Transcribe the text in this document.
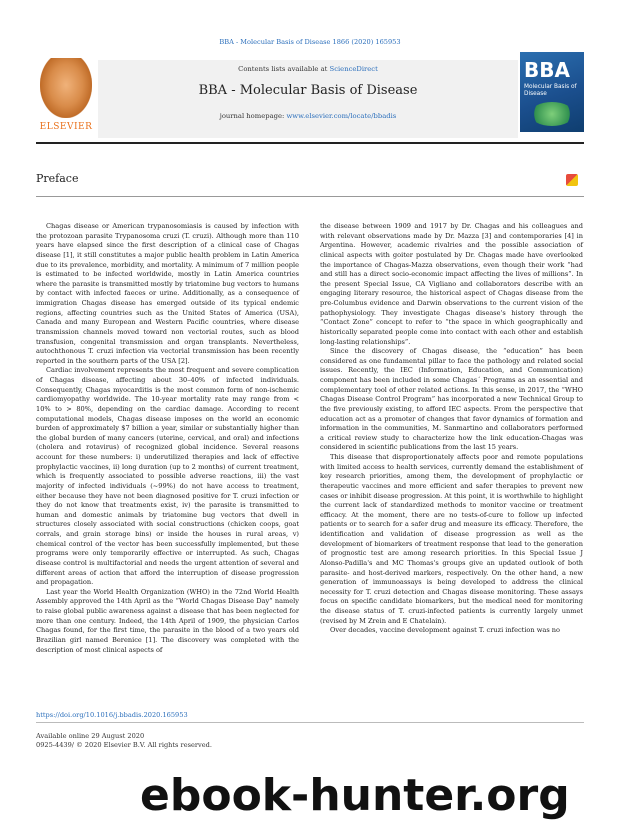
BBA - Molecular Basis of Disease 1866 (2020) 165953
ELSEVIER
Contents lists available at ScienceDirect
BBA - Molecular Basis of Disease
journal homepage: www.elsevier.com/locate/bbadis
BBA
Molecular Basis of Disease
Preface

Chagas disease or American trypanosomiasis is caused by infection with the protozoan parasite Trypanosoma cruzi (T. cruzi). Although more than 110 years have elapsed since the first description of a clinical case of Chagas disease [1], it still constitutes a major public health problem in Latin America due to its prevalence, morbidity, and mortality. A minimum of 7 million people is estimated to be infected worldwide, mostly in Latin America countries where the parasite is transmitted mostly by triatomine bug vectors to humans by contact with infected faeces or urine. Additionally, as a consequence of immigration Chagas disease has emerged outside of its typical endemic regions, affecting countries such as the United States of America (USA), Canada and many European and Western Pacific countries, where disease transmission channels moved toward non vectorial routes, such as blood transfusion, congenital transmission and organ transplants. Nevertheless, autochthonous T. cruzi infection via vectorial transmission has been recently reported in the southern parts of the USA [2].

Cardiac involvement represents the most frequent and severe complication of Chagas disease, affecting about 30–40% of infected individuals. Consequently, Chagas myocarditis is the most common form of non-ischemic cardiomyopathy worldwide. The 10-year mortality rate may range from < 10% to > 80%, depending on the cardiac damage. According to recent computational models, Chagas disease imposes on the world an economic burden of approximately $7 billion a year, similar or substantially higher than the global burden of many cancers (uterine, cervical, and oral) and infections (cholera and rotavirus) of recognized global incidence. Several reasons account for these numbers: i) underutilized therapies and lack of effective prophylactic vaccines, ii) long duration (up to 2 months) of current treatment, which is frequently associated to possible adverse reactions, iii) the vast majority of infected individuals (~99%) do not have access to treatment, either because they have not been diagnosed positive for T. cruzi infection or they do not know that treatments exist, iv) the parasite is transmitted to human and domestic animals by triatomine bug vectors that dwell in structures closely associated with social constructions (chicken coops, goat corrals, and grain storage bins) or inside the houses in rural areas, v) chemical control of the vector has been successfully implemented, but these programs were only temporarily effective or interrupted. As such, Chagas disease control is multifactorial and needs the urgent attention of several and different areas of action that afford the interruption of disease progression and propagation.

Last year the World Health Organization (WHO) in the 72nd World Health Assembly approved the 14th April as the “World Chagas Disease Day” namely to raise global public awareness against a disease that has been neglected for more than one century. Indeed, the 14th April of 1909, the physician Carlos Chagas found, for the first time, the parasite in the blood of a two years old Brazilian girl named Berenice [1]. The discovery was completed with the description of most clinical aspects of

the disease between 1909 and 1917 by Dr. Chagas and his colleagues and with relevant observations made by Dr. Mazza [3] and contemporaries [4] in Argentina. However, academic rivalries and the possible association of clinical aspects with goiter postulated by Dr. Chagas made have overlooked the importance of Chagas-Mazza observations, even though their work “had and still has a direct socio-economic impact affecting the lives of millions”. In the present Special Issue, CA Vigliano and collaborators describe with an engaging literary resource, the historical aspect of Chagas disease from the pre-Columbus evidence and Darwin observations to the current vision of the pathophysiology. They investigate Chagas disease's history through the “Contact Zone” concept to refer to “the space in which geographically and historically separated people come into contact with each other and establish long-lasting relationships”.

Since the discovery of Chagas disease, the “education” has been considered as one fundamental pillar to face the pathology and related social issues. Recently, the IEC (Information, Education, and Communication) component has been included in some Chagas´ Programs as an essential and complementary tool of other related actions. In this sense, in 2017, the “WHO Chagas Disease Control Program” has incorporated a new Technical Group to the five previously existing, to afford IEC aspects. From the perspective that education act as a promoter of changes that favor dynamics of formation and information in the communities, M. Sanmartino and collaborators performed a critical review study to characterize how the link education-Chagas was considered in scientific publications from the last 15 years.

This disease that disproportionately affects poor and remote populations with limited access to health services, currently demand the establishment of key research priorities, among them, the development of prophylactic or therapeutic vaccines and more efficient and safer therapies to prevent new cases or inhibit disease progression. At this point, it is worthwhile to highlight the current lack of standardized methods to monitor vaccine or treatment efficacy. At the moment, there are no tests-of-cure to follow up infected patients or to search for a safer drug and measure its efficacy. Therefore, the identification and validation of disease progression as well as the development of biomarkers of treatment response that lead to the generation of prognostic test are among research priorities. In this Special Issue J Alonso-Padilla's and MC Thomas's groups give an updated outlook of both parasite- and host-derived markers, respectively. On the other hand, a new generation of immunoassays is being developed to address the clinical necessity for T. cruzi detection and Chagas disease monitoring. These assays focus on specific candidate biomarkers, but the medical need for monitoring the disease status of T. cruzi-infected patients is currently largely unmet (revised by M Zrein and E Chatelain).

Over decades, vaccine development against T. cruzi infection was no

https://doi.org/10.1016/j.bbadis.2020.165953
Available online 29 August 2020
0925-4439/ © 2020 Elsevier B.V. All rights reserved.
ebook-hunter.org
